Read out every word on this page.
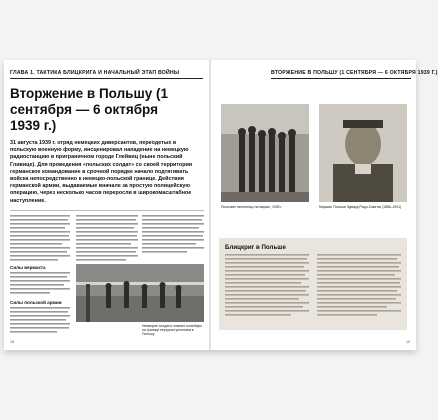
ГЛАВА 1. ТАКТИКА БЛИЦКРИГА И НАЧАЛЬНЫЙ ЭТАП ВОЙНЫ
Вторжение в Польшу (1 сентября — 6 октября 1939 г.)
31 августа 1939 г. отряд немецких диверсантов, переодетых в польскую военную форму, инсценировал нападение на немецкую радиостанцию в приграничном городе Глейвиц (ныне польский Гливице). Для проведения «польских солдат» со своей территории германское командование в срочной порядке начало подтягивать войска непосредственно к немецко-польской границе. Действия германской армии, выдаваемые вначале за простую полицейскую операцию, через несколько часов переросли в широкомасштабное наступление.
Силы вермахта
Силы польской армии
Немецкие солдаты ломают шлагбаум на границе перед вступлением в Польшу
18
ВТОРЖЕНИЕ В ПОЛЬШУ (1 СЕНТЯБРЯ — 6 ОКТЯБРЯ 1939 Г.)
Польские пехотинцы на марше, 1939 г.	Маршал Польши Эдвард Рыдз-Смиглы (1886–1941)
Блицкриг в Польше
19
